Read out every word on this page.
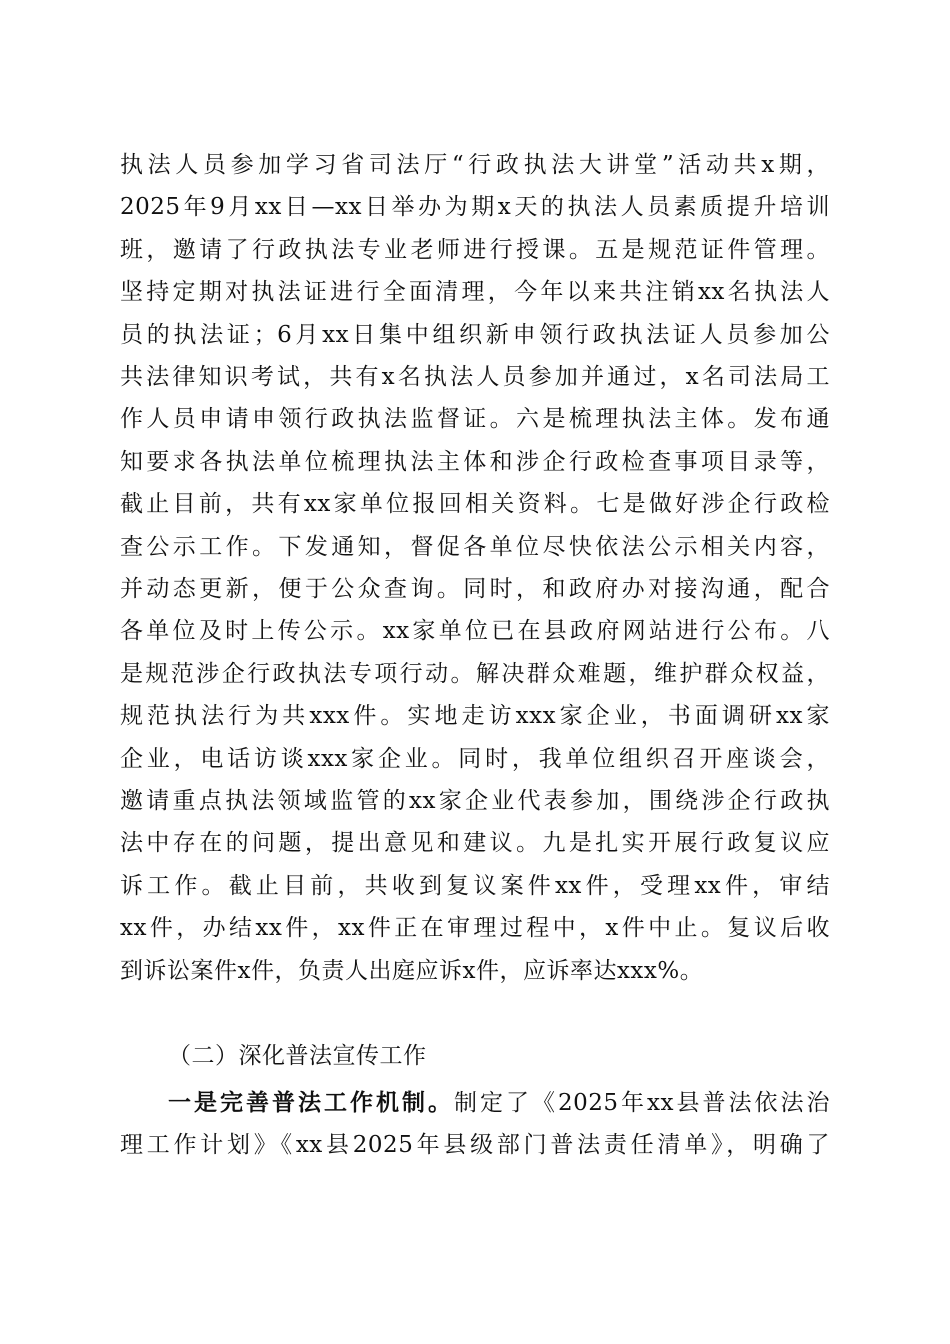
执法人员参加学习省司法厅“行政执法大讲堂”活动共x期，
2025年9月xx日—xx日举办为期x天的执法人员素质提升培训
班，邀请了行政执法专业老师进行授课。五是规范证件管理。
坚持定期对执法证进行全面清理，今年以来共注销xx名执法人
员的执法证；6月xx日集中组织新申领行政执法证人员参加公
共法律知识考试，共有x名执法人员参加并通过，x名司法局工
作人员申请申领行政执法监督证。六是梳理执法主体。发布通
知要求各执法单位梳理执法主体和涉企行政检查事项目录等，
截止目前，共有xx家单位报回相关资料。七是做好涉企行政检
查公示工作。下发通知，督促各单位尽快依法公示相关内容，
并动态更新，便于公众查询。同时，和政府办对接沟通，配合
各单位及时上传公示。xx家单位已在县政府网站进行公布。八
是规范涉企行政执法专项行动。解决群众难题，维护群众权益，
规范执法行为共xxx件。实地走访xxx家企业，书面调研xx家
企业，电话访谈xxx家企业。同时，我单位组织召开座谈会，
邀请重点执法领域监管的xx家企业代表参加，围绕涉企行政执
法中存在的问题，提出意见和建议。九是扎实开展行政复议应
诉工作。截止目前，共收到复议案件xx件，受理xx件，审结
xx件，办结xx件，xx件正在审理过程中，x件中止。复议后收
到诉讼案件x件，负责人出庭应诉x件，应诉率达xxx%。
（二）深化普法宣传工作
一是完善普法工作机制。制定了《2025年xx县普法依法治
理工作计划》《xx县2025年县级部门普法责任清单》，明确了
